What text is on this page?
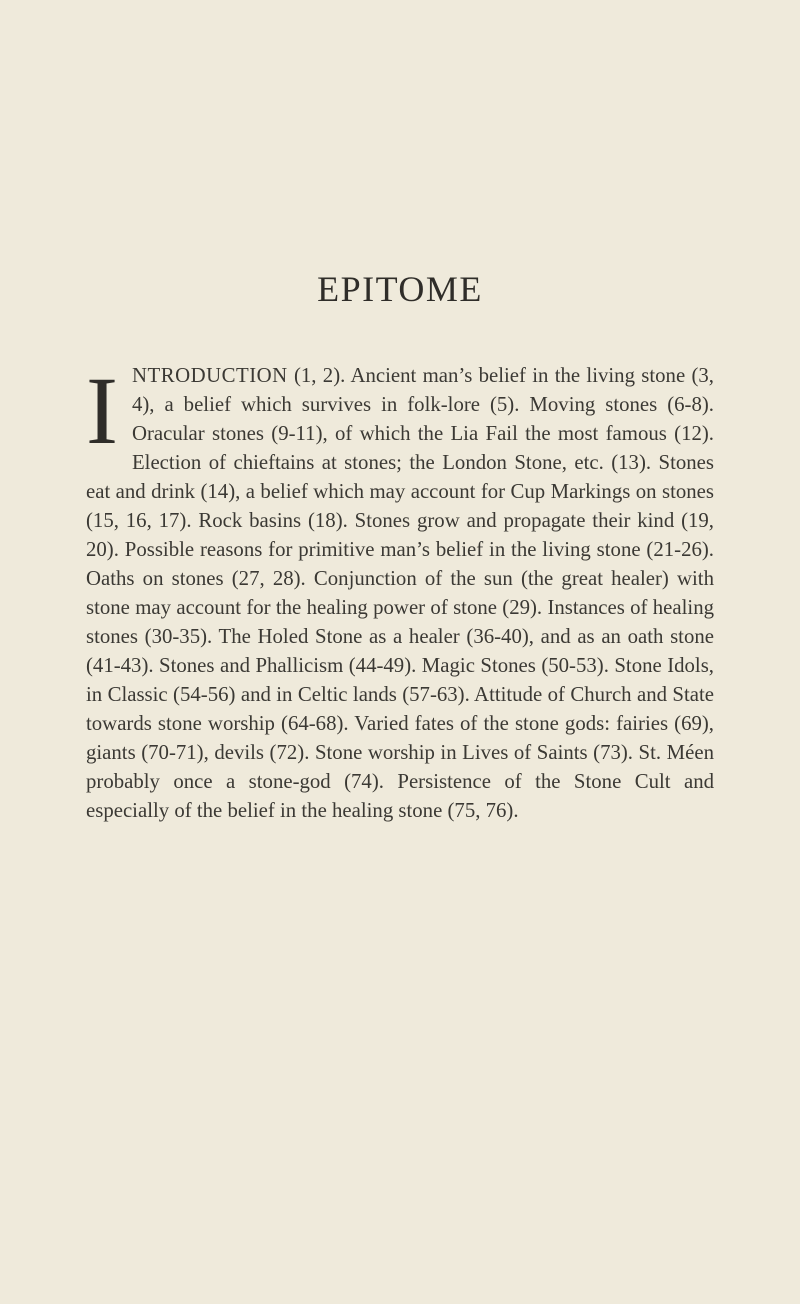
EPITOME

INTRODUCTION (1, 2). Ancient man’s belief in the living stone (3, 4), a belief which survives in folk-lore (5). Moving stones (6-8). Oracular stones (9-11), of which the Lia Fail the most famous (12). Election of chieftains at stones; the London Stone, etc. (13). Stones eat and drink (14), a belief which may account for Cup Markings on stones (15, 16, 17). Rock basins (18). Stones grow and propagate their kind (19, 20). Possible reasons for primitive man’s belief in the living stone (21-26). Oaths on stones (27, 28). Conjunction of the sun (the great healer) with stone may account for the healing power of stone (29). Instances of healing stones (30-35). The Holed Stone as a healer (36-40), and as an oath stone (41-43). Stones and Phallicism (44-49). Magic Stones (50-53). Stone Idols, in Classic (54-56) and in Celtic lands (57-63). Attitude of Church and State towards stone worship (64-68). Varied fates of the stone gods: fairies (69), giants (70-71), devils (72). Stone worship in Lives of Saints (73). St. Méen probably once a stone-god (74). Persistence of the Stone Cult and especially of the belief in the healing stone (75, 76).
